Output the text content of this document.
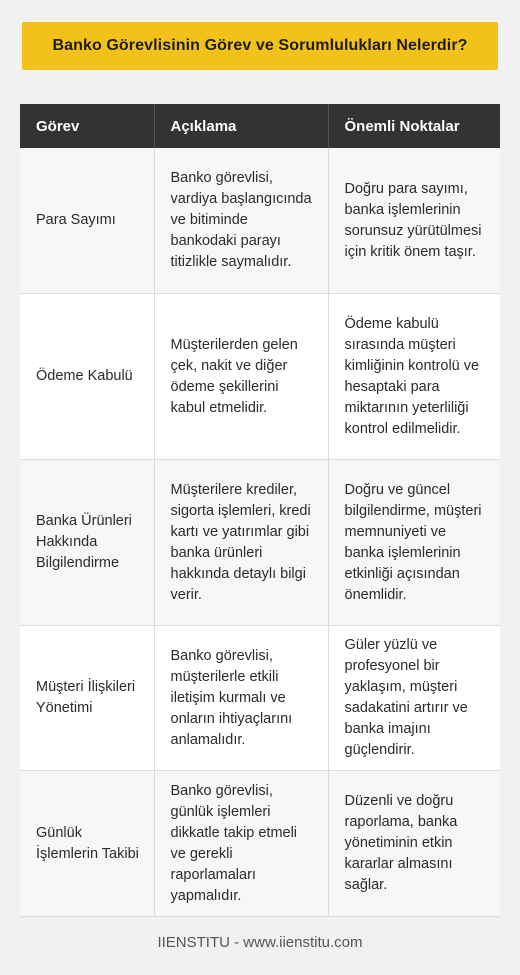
Banko Görevlisinin Görev ve Sorumlulukları Nelerdir?
Görev	Açıklama	Önemli Noktalar
Para Sayımı	Banko görevlisi, vardiya başlangıcında ve bitiminde bankodaki parayı titizlikle saymalıdır.	Doğru para sayımı, banka işlemlerinin sorunsuz yürütülmesi için kritik önem taşır.
Ödeme Kabulü	Müşterilerden gelen çek, nakit ve diğer ödeme şekillerini kabul etmelidir.	Ödeme kabulü sırasında müşteri kimliğinin kontrolü ve hesaptaki para miktarının yeterliliği kontrol edilmelidir.
Banka Ürünleri Hakkında Bilgilendirme	Müşterilere krediler, sigorta işlemleri, kredi kartı ve yatırımlar gibi banka ürünleri hakkında detaylı bilgi verir.	Doğru ve güncel bilgilendirme, müşteri memnuniyeti ve banka işlemlerinin etkinliği açısından önemlidir.
Müşteri İlişkileri Yönetimi	Banko görevlisi, müşterilerle etkili iletişim kurmalı ve onların ihtiyaçlarını anlamalıdır.	Güler yüzlü ve profesyonel bir yaklaşım, müşteri sadakatini artırır ve banka imajını güçlendirir.
Günlük İşlemlerin Takibi	Banko görevlisi, günlük işlemleri dikkatle takip etmeli ve gerekli raporlamaları yapmalıdır.	Düzenli ve doğru raporlama, banka yönetiminin etkin kararlar almasını sağlar.
IIENSTITU - www.iienstitu.com
